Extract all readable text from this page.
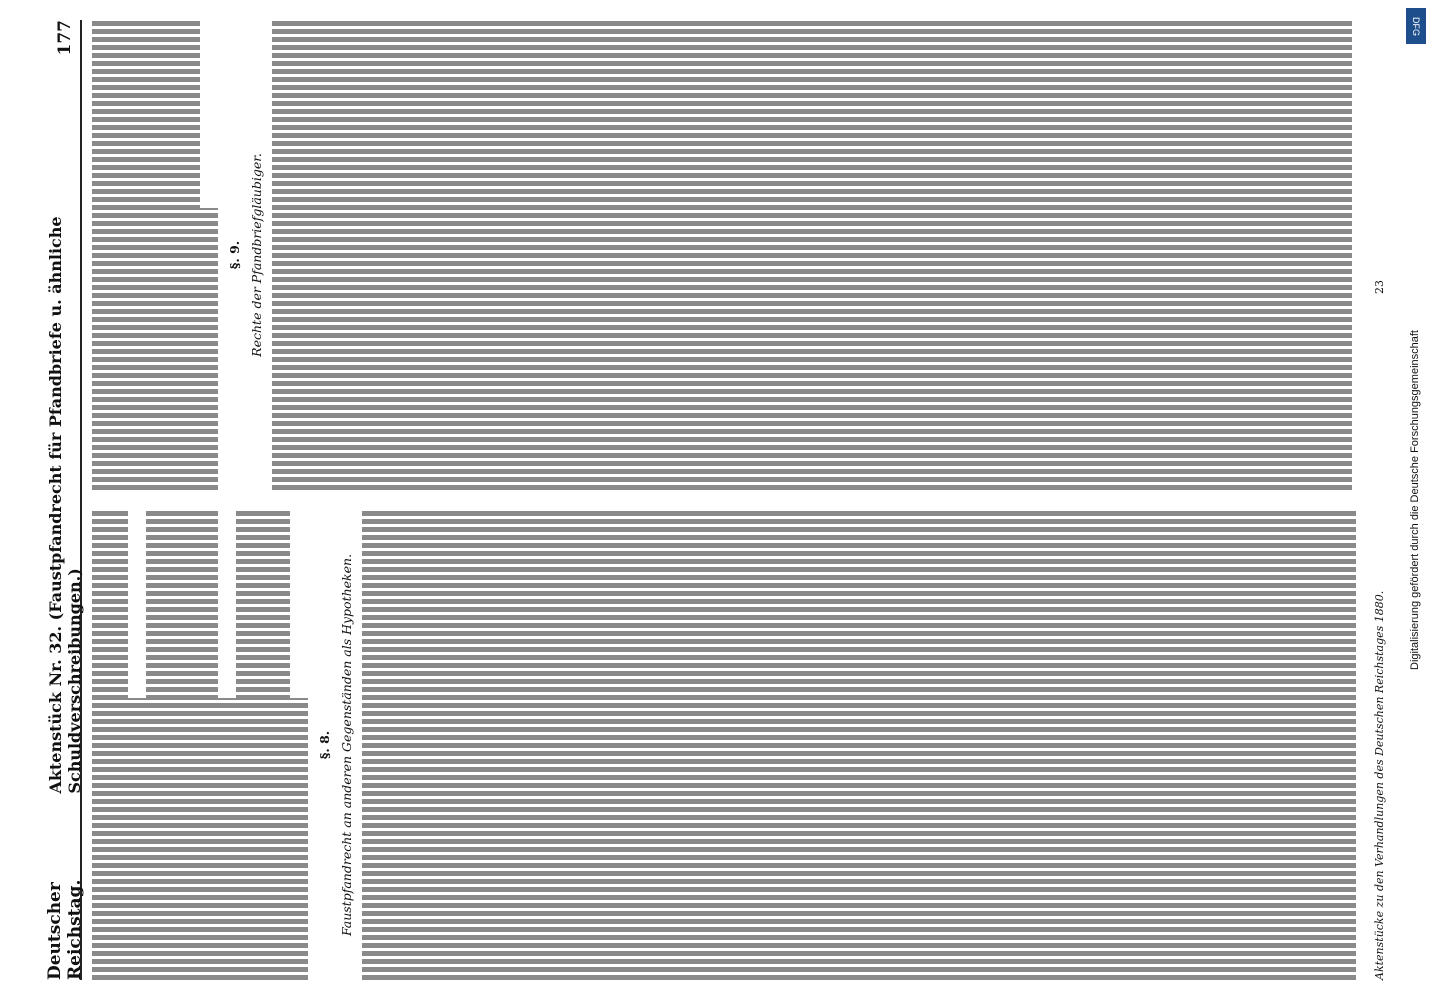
Deutscher Reichstag.
Aktenstück Nr. 32. (Faustpfandrecht für Pfandbriefe u. ähnliche Schuldverschreibungen.)
177
§. 8. Faustpfandrecht an anderen Gegenständen als Hypotheken.
§. 9. Rechte der Pfandbriefgläubiger.
Aktenstücke zu den Verhandlungen des Deutschen Reichstages 1880.
23
Digitalisierung gefördert durch die Deutsche Forschungsgemeinschaft
DFG
